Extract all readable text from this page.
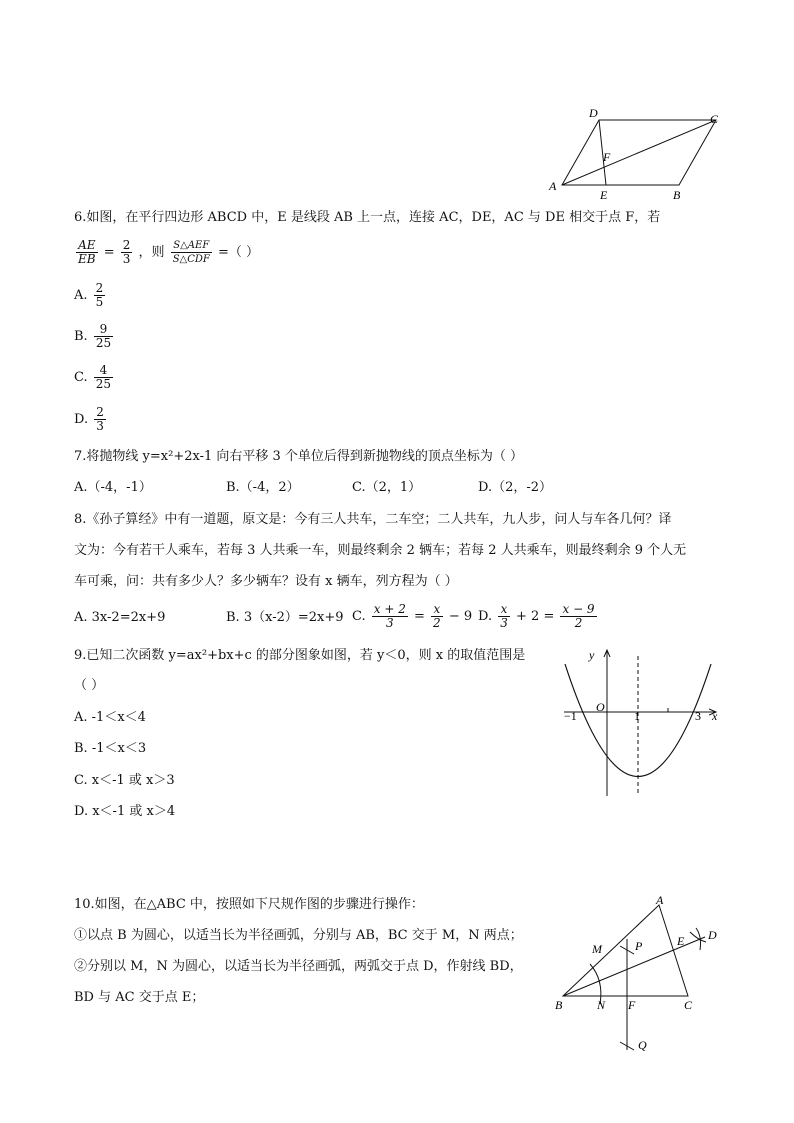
D	C
F
A
E	B
6.如图，在平行四边形 ABCD 中，E 是线段 AB 上一点，连接 AC，DE，AC 与 DE 相交于点 F，若
$\frac{AE}{EB} = \frac{2}{3}$ ，则 $\frac{\text{S△AEF}}{\text{S△CDF}}$ =（ ）
A. $\frac{2}{5}$
B. $\frac{9}{25}$
C. $\frac{4}{25}$
D. $\frac{2}{3}$
7.将抛物线 y=x²+2x-1 向右平移 3 个单位后得到新抛物线的顶点坐标为（ ）
A.（-4，-1）	B.（-4，2）	C.（2，1）	D.（2，-2）
8.《孙子算经》中有一道题，原文是：今有三人共车，二车空；二人共车，九人步，问人与车各几何？译
文为：今有若干人乘车，若每 3 人共乘一车，则最终剩余 2 辆车；若每 2 人共乘车，则最终剩余 9 个人无
车可乘，问：共有多少人？多少辆车？设有 x 辆车，列方程为（ ）
A. 3x-2=2x+9	B. 3（x-2）=2x+9 C. $\frac{x + 2}{3} = \frac{x}{2} - 9$ D. $\frac{x}{3} + 2 = \frac{x - 9}{2}$
9.已知二次函数 y=ax²+bx+c 的部分图象如图，若 y＜0，则 x 的取值范围是
（ ）
A. -1＜x＜4
B. -1＜x＜3
C. x＜-1 或 x＞3
D. x＜-1 或 x＞4
y
x
O
−1	1	3
10.如图，在△ABC 中，按照如下尺规作图的步骤进行操作：
①以点 B 为圆心，以适当长为半径画弧，分别与 AB，BC 交于 M，N 两点；
②分别以 M，N 为圆心，以适当长为半径画弧，两弧交于点 D，作射线 BD，
BD 与 AC 交于点 E；
A
D
E
M	P
B	N F	C
Q
